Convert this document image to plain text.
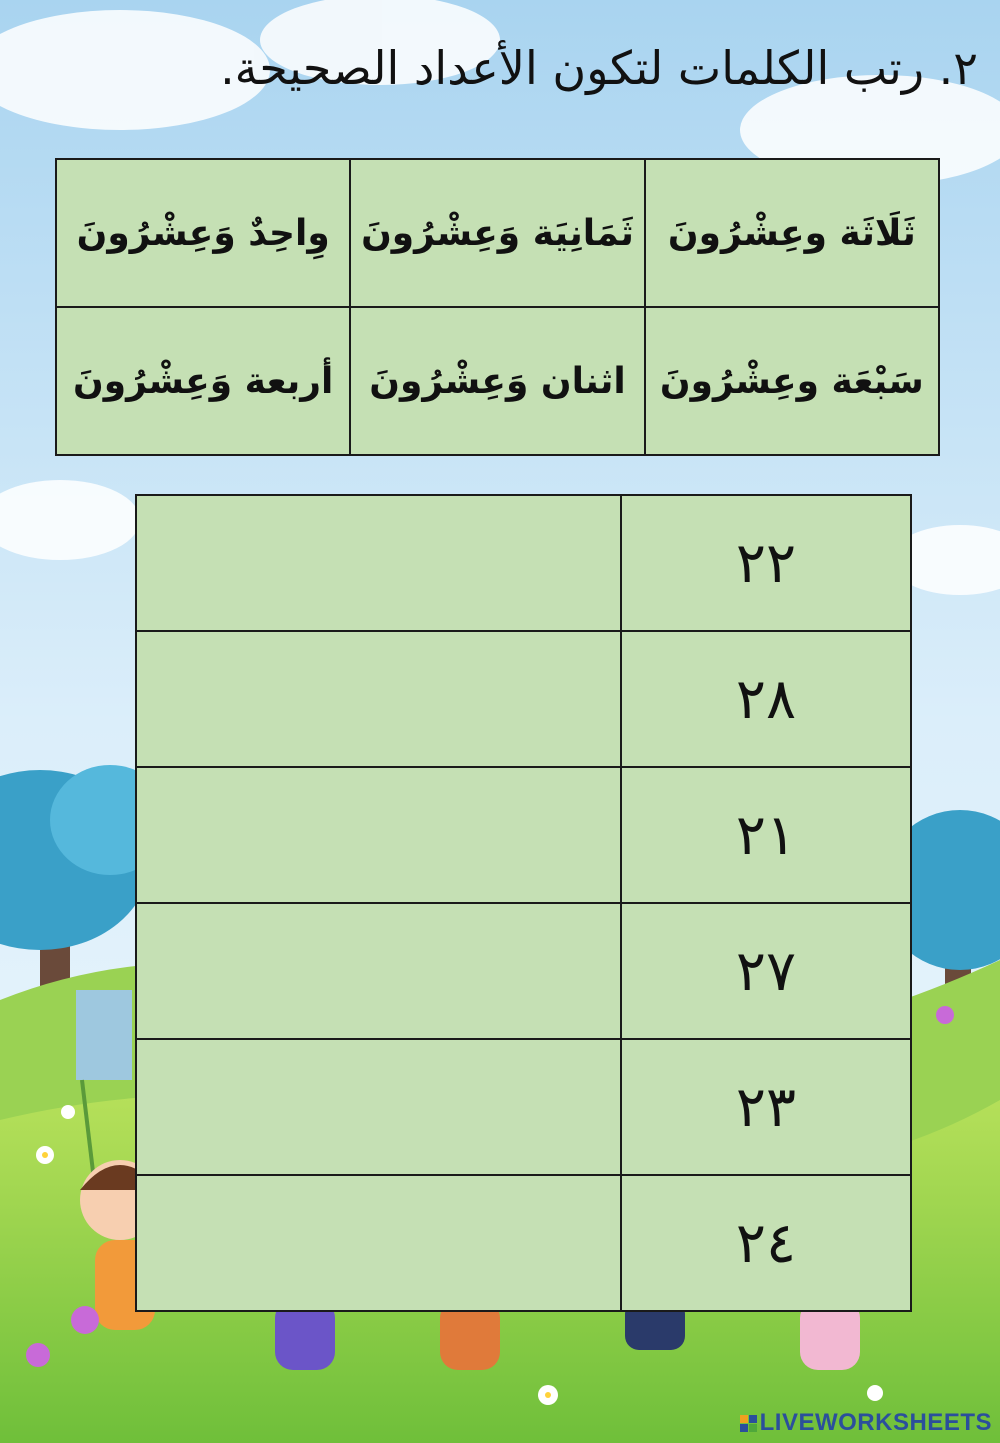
٢. رتب الكلمات لتكون الأعداد الصحيحة.
ثَلَاثَة وعِشْرُونَ	ثَمَانِيَة وَعِشْرُونَ	وِاحِدٌ وَعِشْرُونَ
سَبْعَة وعِشْرُونَ	اثنان وَعِشْرُونَ	أربعة وَعِشْرُونَ
٢٢	
٢٨	
٢١	
٢٧	
٢٣	
٢٤	
LIVEWORKSHEETS
